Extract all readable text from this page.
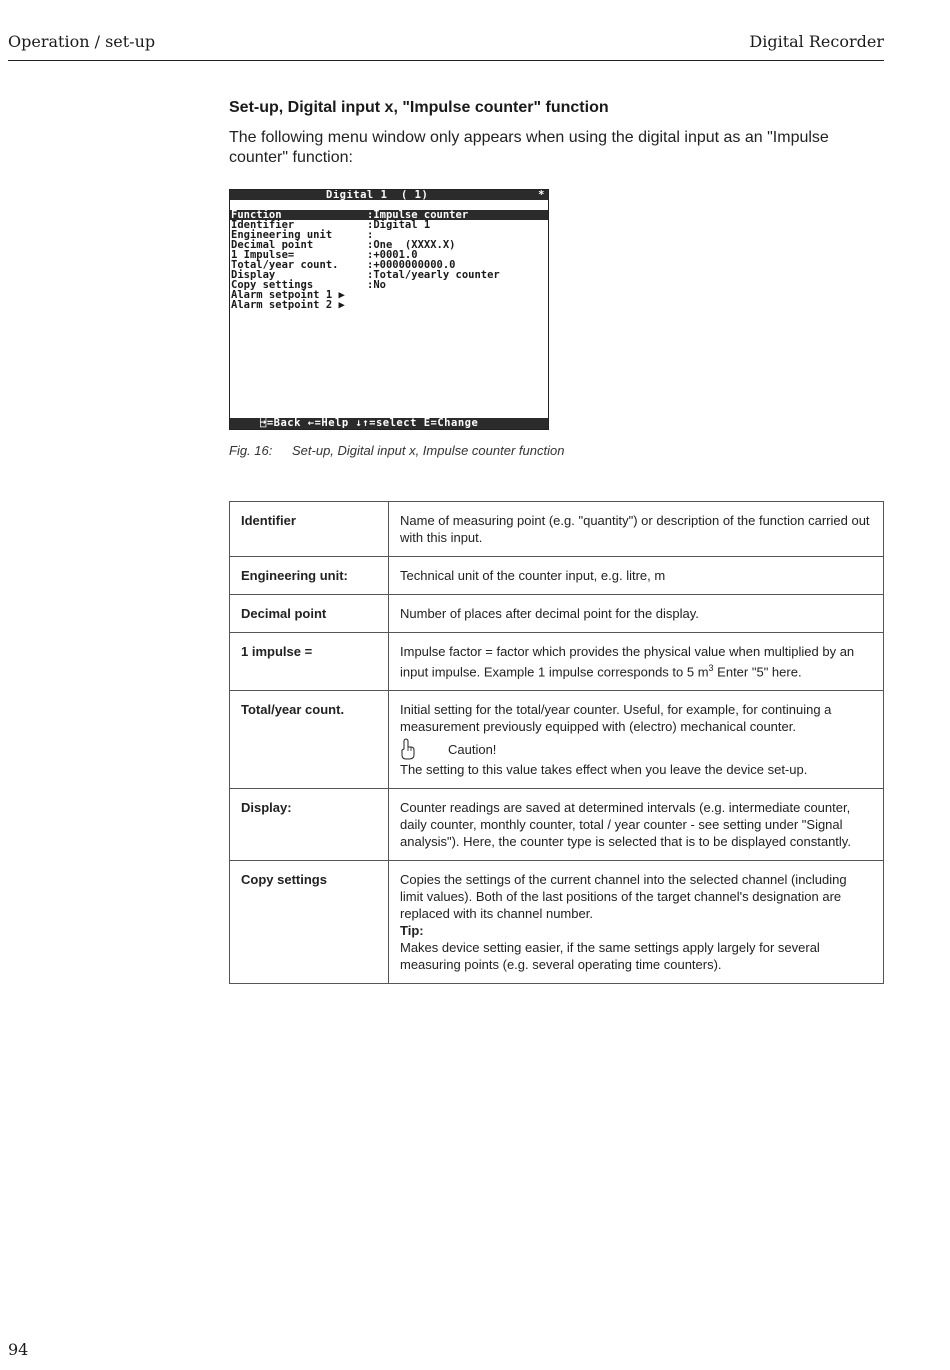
Operation / set-up	Digital Recorder
Set-up, Digital input x, "Impulse counter" function

The following menu window only appears when using the digital input as an "Impulse counter" function:

Digital 1  ( 1)	*
Function	:Impulse counter
Identifier	:Digital 1
Engineering unit	:
Decimal point	:One  (XXXX.X)
1 Impulse=	:+0001.0
Total/year count.	:+0000000000.0
Display	:Total/yearly counter
Copy settings	:No
Alarm setpoint 1 ▶
Alarm setpoint 2 ▶

⍈=Back ←=Help ↓↑=select E=Change

Fig. 16: Set-up, Digital input x, Impulse counter function
Identifier	Name of measuring point (e.g. "quantity") or description of the function carried out with this input.
Engineering unit:	Technical unit of the counter input, e.g. litre, m
Decimal point	Number of places after decimal point for the display.
1 impulse =	Impulse factor = factor which provides the physical value when multiplied by an input impulse. Example 1 impulse corresponds to 5 $m^3$ Enter "5" here.
Total/year count.	Initial setting for the total/year counter. Useful, for example, for continuing a measurement previously equipped with (electro) mechanical counter.
Caution!
The setting to this value takes effect when you leave the device set-up.

Display:	Counter readings are saved at determined intervals (e.g. intermediate counter, daily counter, monthly counter, total / year counter - see setting under "Signal analysis"). Here, the counter type is selected that is to be displayed constantly.
Copy settings	Copies the settings of the current channel into the selected channel (including limit values). Both of the last positions of the target channel's designation are replaced with its channel number.
Tip:
Makes device setting easier, if the same settings apply largely for several measuring points (e.g. several operating time counters).
94
